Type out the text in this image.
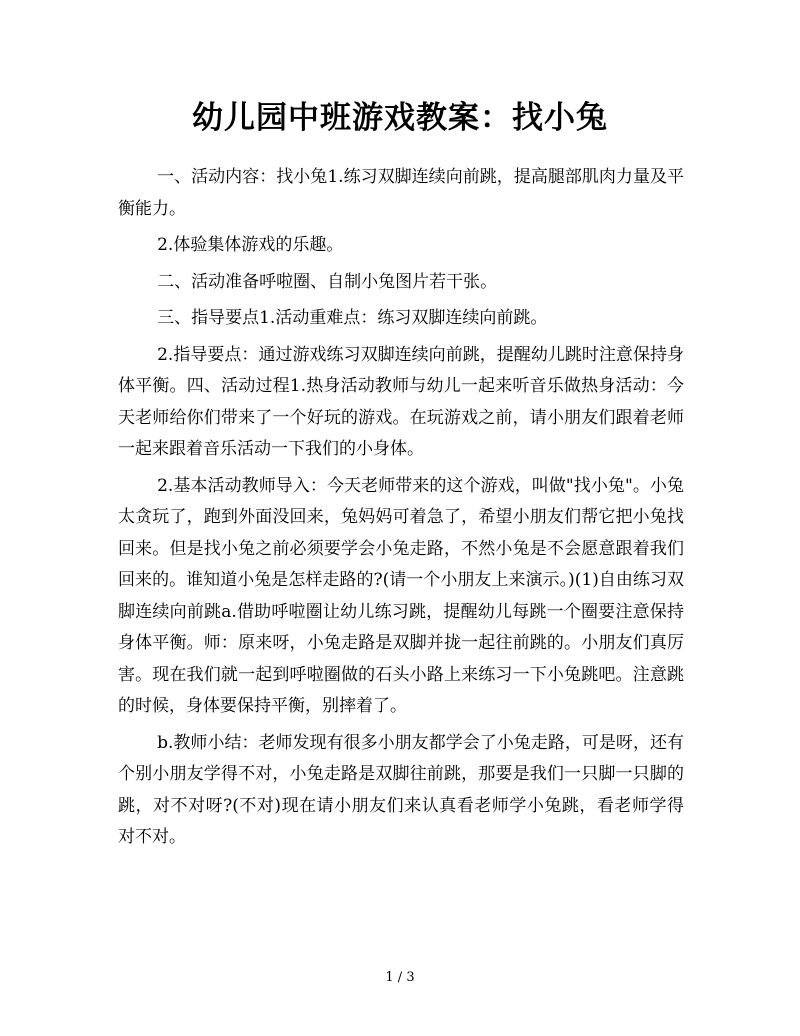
幼儿园中班游戏教案：找小兔

一、活动内容：找小兔1.练习双脚连续向前跳，提高腿部肌肉力量及平衡能力。

2.体验集体游戏的乐趣。

二、活动准备呼啦圈、自制小兔图片若干张。

三、指导要点1.活动重难点：练习双脚连续向前跳。

2.指导要点：通过游戏练习双脚连续向前跳，提醒幼儿跳时注意保持身体平衡。四、活动过程1.热身活动教师与幼儿一起来听音乐做热身活动：今天老师给你们带来了一个好玩的游戏。在玩游戏之前，请小朋友们跟着老师一起来跟着音乐活动一下我们的小身体。

2.基本活动教师导入：今天老师带来的这个游戏，叫做"找小兔"。小兔太贪玩了，跑到外面没回来，兔妈妈可着急了，希望小朋友们帮它把小兔找回来。但是找小兔之前必须要学会小兔走路，不然小兔是不会愿意跟着我们回来的。谁知道小兔是怎样走路的?(请一个小朋友上来演示。)(1)自由练习双脚连续向前跳a.借助呼啦圈让幼儿练习跳，提醒幼儿每跳一个圈要注意保持身体平衡。师：原来呀，小兔走路是双脚并拢一起往前跳的。小朋友们真厉害。现在我们就一起到呼啦圈做的石头小路上来练习一下小兔跳吧。注意跳的时候，身体要保持平衡，别摔着了。

b.教师小结：老师发现有很多小朋友都学会了小兔走路，可是呀，还有个别小朋友学得不对，小兔走路是双脚往前跳，那要是我们一只脚一只脚的跳，对不对呀?(不对)现在请小朋友们来认真看老师学小兔跳，看老师学得对不对。

1 / 3
